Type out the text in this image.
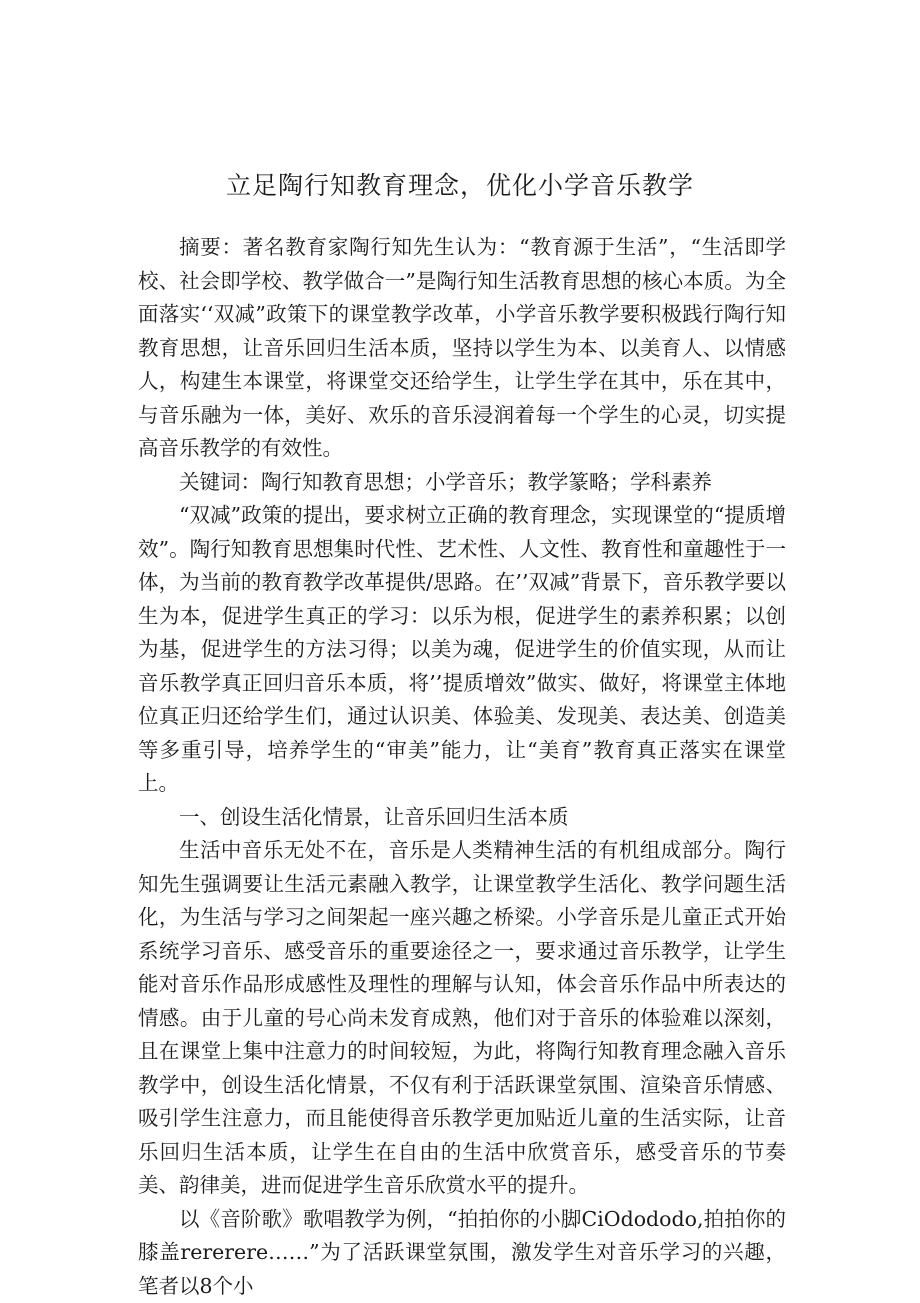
立足陶行知教育理念，优化小学音乐教学

摘要：著名教育家陶行知先生认为：“教育源于生活”，“生活即学校、社会即学校、教学做合一”是陶行知生活教育思想的核心本质。为全面落实‘‘双减”政策下的课堂教学改革，小学音乐教学要积极践行陶行知教育思想，让音乐回归生活本质，坚持以学生为本、以美育人、以情感人，构建生本课堂，将课堂交还给学生，让学生学在其中，乐在其中，与音乐融为一体，美好、欢乐的音乐浸润着每一个学生的心灵，切实提高音乐教学的有效性。

关键词：陶行知教育思想；小学音乐；教学篆略；学科素养

“双减”政策的提出，要求树立正确的教育理念，实现课堂的“提质增效”。陶行知教育思想集时代性、艺术性、人文性、教育性和童趣性于一体，为当前的教育教学改革提供/思路。在’’双减”背景下，音乐教学要以生为本，促进学生真正的学习：以乐为根，促进学生的素养积累；以创为基，促进学生的方法习得；以美为魂，促进学生的价值实现，从而让音乐教学真正回归音乐本质，将’’提质增效”做实、做好，将课堂主体地位真正归还给学生们，通过认识美、体验美、发现美、表达美、创造美等多重引导，培养学生的“审美”能力，让“美育”教育真正落实在课堂上。

一、创设生活化情景，让音乐回归生活本质

生活中音乐无处不在，音乐是人类精神生活的有机组成部分。陶行知先生强调要让生活元素融入教学，让课堂教学生活化、教学问题生活化，为生活与学习之间架起一座兴趣之桥梁。小学音乐是儿童正式开始系统学习音乐、感受音乐的重要途径之一，要求通过音乐教学，让学生能对音乐作品形成感性及理性的理解与认知，体会音乐作品中所表达的情感。由于儿童的号心尚未发育成熟，他们对于音乐的体验难以深刻，且在课堂上集中注意力的时间较短，为此，将陶行知教育理念融入音乐教学中，创设生活化情景，不仅有利于活跃课堂氛围、渲染音乐情感、吸引学生注意力，而且能使得音乐教学更加贴近儿童的生活实际，让音乐回归生活本质，让学生在自由的生活中欣赏音乐，感受音乐的节奏美、韵律美，进而促进学生音乐欣赏水平的提升。

以《音阶歌》歌唱教学为例，“拍拍你的小脚CiOdododo,拍拍你的膝盖rererere……”为了活跃课堂氛围，激发学生对音乐学习的兴趣，笔者以8个小
